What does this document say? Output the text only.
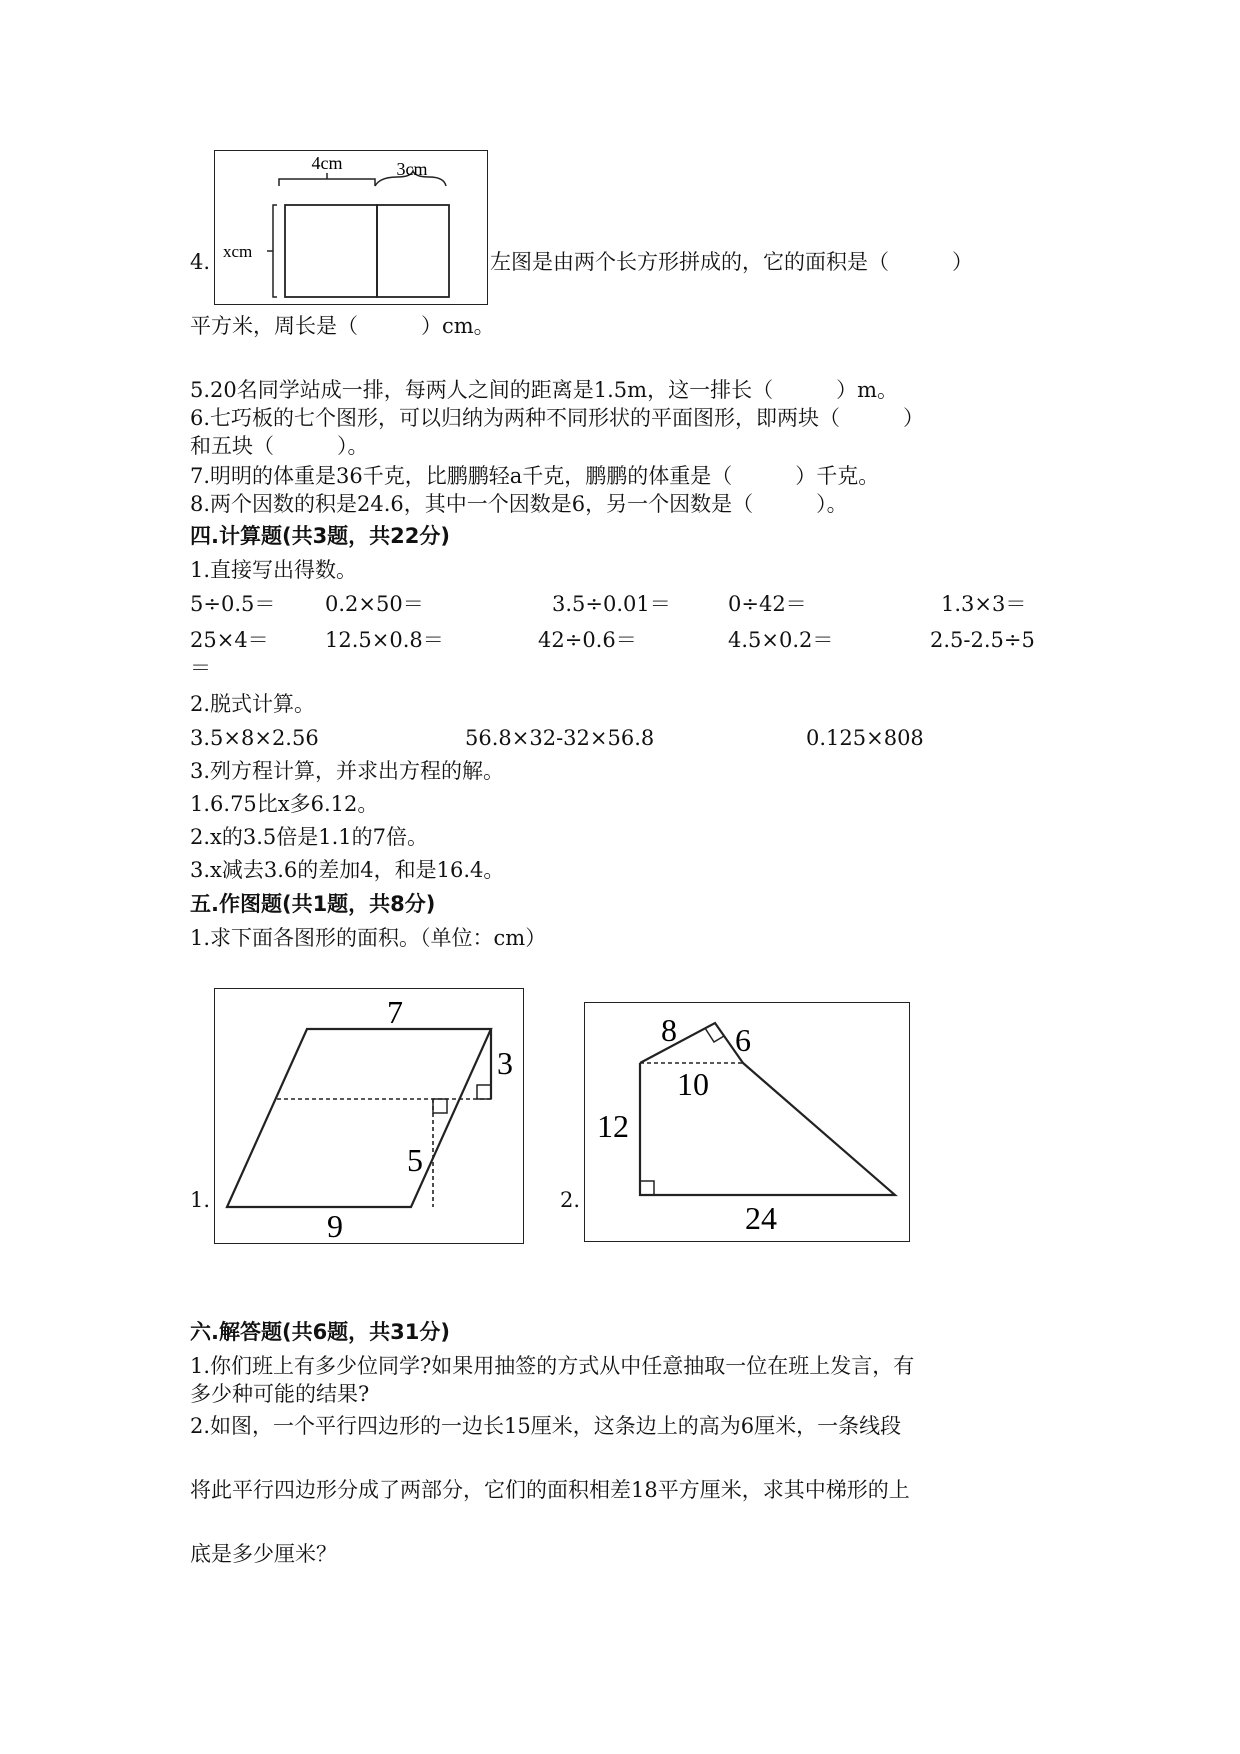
4cm	3cm
xcm
4.	左图是由两个长方形拼成的，它的面积是（　　　）
平方米，周长是（　　　）cm。
5.20名同学站成一排，每两人之间的距离是1.5m，这一排长（　　　）m。
6.七巧板的七个图形，可以归纳为两种不同形状的平面图形，即两块（　　　）
和五块（　　　）。
7.明明的体重是36千克，比鹏鹏轻a千克，鹏鹏的体重是（　　　）千克。
8.两个因数的积是24.6，其中一个因数是6，另一个因数是（　　　）。
四.计算题(共3题，共22分)
1.直接写出得数。
5÷0.5＝ 0.2×50＝	3.5÷0.01＝	0÷42＝	1.3×3＝
25×4＝	12.5×0.8＝	42÷0.6＝	4.5×0.2＝	2.5-2.5÷5
＝
2.脱式计算。
3.5×8×2.56	56.8×32-32×56.8	0.125×808
3.列方程计算，并求出方程的解。
1.6.75比x多6.12。
2.x的3.5倍是1.1的7倍。
3.x减去3.6的差加4，和是16.4。
五.作图题(共1题，共8分)
1.求下面各图形的面积。（单位：cm）
1.
7
3
5
9
2.
8 6
10
12
24
六.解答题(共6题，共31分)
1.你们班上有多少位同学?如果用抽签的方式从中任意抽取一位在班上发言，有
多少种可能的结果?
2.如图，一个平行四边形的一边长15厘米，这条边上的高为6厘米，一条线段
将此平行四边形分成了两部分，它们的面积相差18平方厘米，求其中梯形的上
底是多少厘米？
